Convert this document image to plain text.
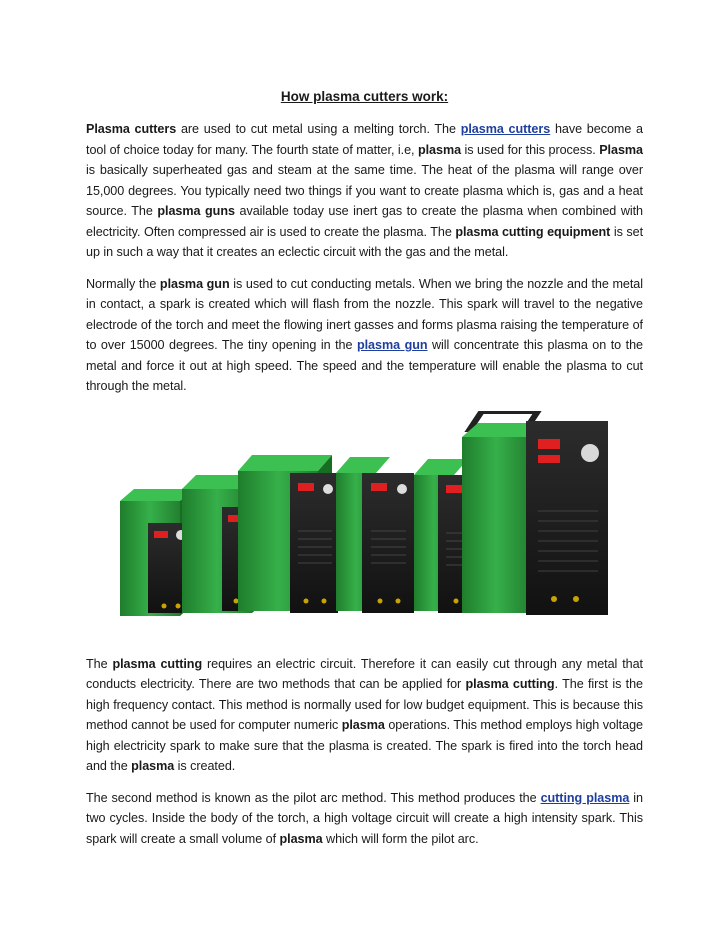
How plasma cutters work:

Plasma cutters are used to cut metal using a melting torch. The plasma cutters have become a tool of choice today for many. The fourth state of matter, i.e, plasma is used for this process. Plasma is basically superheated gas and steam at the same time. The heat of the plasma will range over 15,000 degrees. You typically need two things if you want to create plasma which is, gas and a heat source. The plasma guns available today use inert gas to create the plasma when combined with electricity. Often compressed air is used to create the plasma. The plasma cutting equipment is set up in such a way that it creates an eclectic circuit with the gas and the metal.

Normally the plasma gun is used to cut conducting metals. When we bring the nozzle and the metal in contact, a spark is created which will flash from the nozzle. This spark will travel to the negative electrode of the torch and meet the flowing inert gasses and forms plasma raising the temperature of to over 15000 degrees. The tiny opening in the plasma gun will concentrate this plasma on to the metal and force it out at high speed. The speed and the temperature will enable the plasma to cut through the metal.

The plasma cutting requires an electric circuit. Therefore it can easily cut through any metal that conducts electricity. There are two methods that can be applied for plasma cutting. The first is the high frequency contact. This method is normally used for low budget equipment. This is because this method cannot be used for computer numeric plasma operations. This method employs high voltage high electricity spark to make sure that the plasma is created. The spark is fired into the torch head and the plasma is created.

The second method is known as the pilot arc method. This method produces the cutting plasma in two cycles. Inside the body of the torch, a high voltage circuit will create a high intensity spark. This spark will create a small volume of plasma which will form the pilot arc.
